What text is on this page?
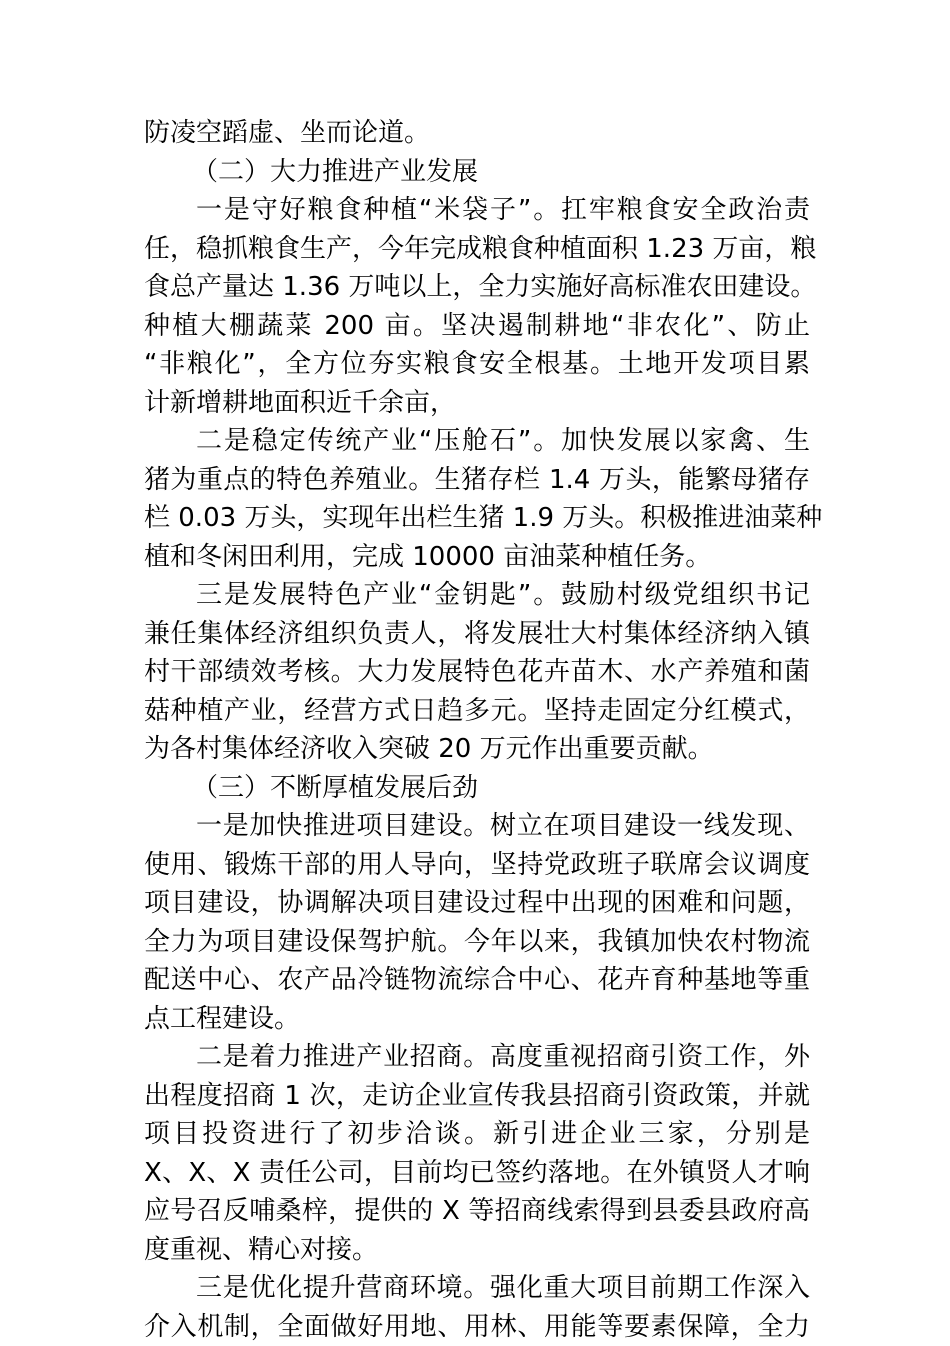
防凌空蹈虚、坐而论道。
（二）大力推进产业发展
一是守好粮食种植“米袋子”。扛牢粮食安全政治责
任，稳抓粮食生产，今年完成粮食种植面积 1.23 万亩，粮
食总产量达 1.36 万吨以上，全力实施好高标准农田建设。
种植大棚蔬菜 200 亩。坚决遏制耕地“非农化”、防止
“非粮化”，全方位夯实粮食安全根基。土地开发项目累
计新增耕地面积近千余亩，
二是稳定传统产业“压舱石”。加快发展以家禽、生
猪为重点的特色养殖业。生猪存栏 1.4 万头，能繁母猪存
栏 0.03 万头，实现年出栏生猪 1.9 万头。积极推进油菜种
植和冬闲田利用，完成 10000 亩油菜种植任务。
三是发展特色产业“金钥匙”。鼓励村级党组织书记
兼任集体经济组织负责人，将发展壮大村集体经济纳入镇
村干部绩效考核。大力发展特色花卉苗木、水产养殖和菌
菇种植产业，经营方式日趋多元。坚持走固定分红模式，
为各村集体经济收入突破 20 万元作出重要贡献。
（三）不断厚植发展后劲
一是加快推进项目建设。树立在项目建设一线发现、
使用、锻炼干部的用人导向，坚持党政班子联席会议调度
项目建设，协调解决项目建设过程中出现的困难和问题，
全力为项目建设保驾护航。今年以来，我镇加快农村物流
配送中心、农产品冷链物流综合中心、花卉育种基地等重
点工程建设。
二是着力推进产业招商。高度重视招商引资工作，外
出程度招商 1 次，走访企业宣传我县招商引资政策，并就
项目投资进行了初步洽谈。新引进企业三家，分别是
X、X、X 责任公司，目前均已签约落地。在外镇贤人才响
应号召反哺桑梓，提供的 X 等招商线索得到县委县政府高
度重视、精心对接。
三是优化提升营商环境。强化重大项目前期工作深入
介入机制，全面做好用地、用林、用能等要素保障，全力
